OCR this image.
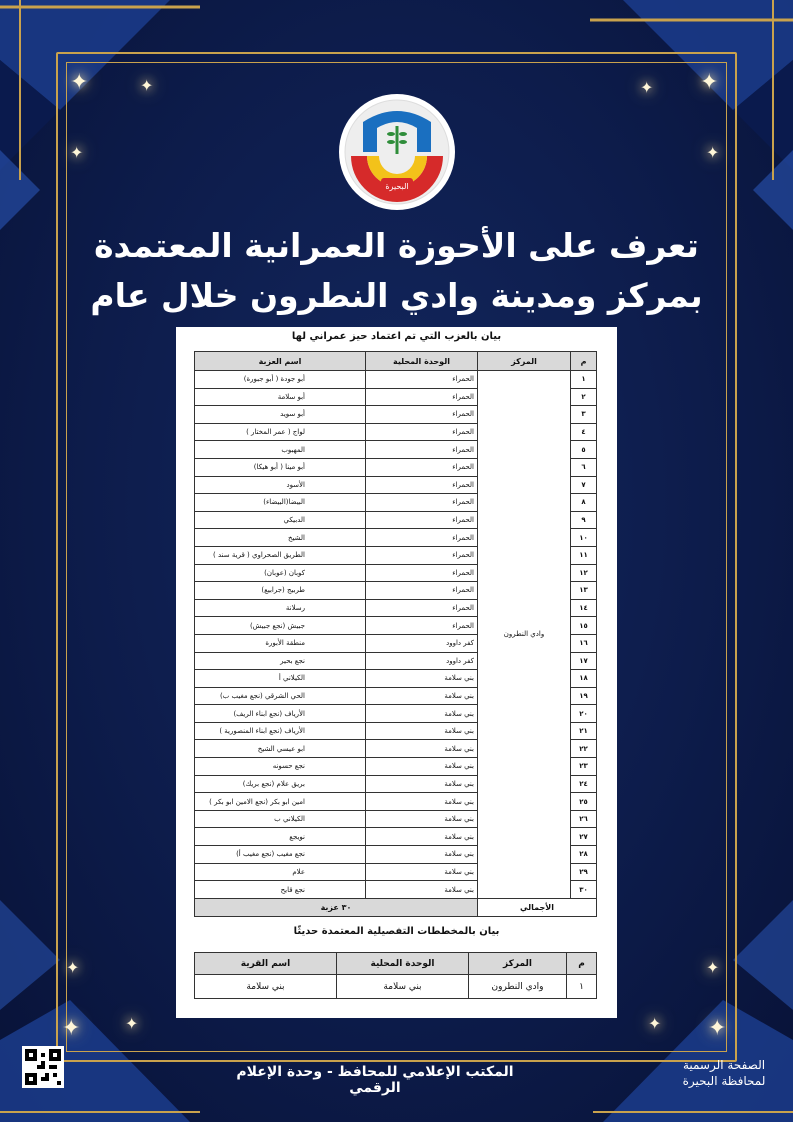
✦	✦
✦
✦
✦
✦
✦
✦	✦
✦
✦
✦
البحيرة
تعرف على الأحوزة العمرانية المعتمدة
بمركز ومدينة وادي النطرون خلال عام
بيان بالعزب التي تم اعتماد حيز عمراني لها
م	المركز	الوحدة المحلية	اسم العزبة
١	وادي النطرون	الحمراء	أبو جودة ( أبو جبورة)
٢		الحمراء	أبو سلامة
٣		الحمراء	أبو سويد
٤		الحمراء	لواج ( عمر المختار )
٥		الحمراء	المهبوب
٦		الحمراء	أبو مينا ( أبو هيكا)
٧		الحمراء	الأسود
٨		الحمراء	البيضا(البيضاء)
٩		الحمراء	الدبيكي
١٠		الحمراء	الشيخ
١١		الحمراء	الطريق الصحراوي ( قرية سند )
١٢		الحمراء	كوبان (عوبان)
١٣		الحمراء	طربيج (جرابيع)
١٤		الحمراء	رسلانة
١٥		الحمراء	جبيش (نجع جبيش)
١٦		كفر داوود	منطقة الأبورة
١٧		كفر داوود	نجع بحير
١٨		بني سلامة	الكيلاني أ
١٩		بني سلامة	الحي الشرقي (نجع مغيب ب)
٢٠		بني سلامة	الأرياف (نجع ابناء الريف)
٢١		بني سلامة	الأرياف (نجع ابناء المنصورية )
٢٢		بني سلامة	ابو عيسي الشيخ
٢٣		بني سلامة	نجع حسونه
٢٤		بني سلامة	بريق علام (نجع بريك)
٢٥		بني سلامة	امين ابو بكر (نجع الامين ابو بكر )
٢٦		بني سلامة	الكيلاني ب
٢٧		بني سلامة	نويجع
٢٨		بني سلامة	نجع مغيب (نجع مغيب أ)
٢٩		بني سلامة	علام
٣٠		بني سلامة	نجع قايح
الأجمالي		٣٠ عزبة	
بيان بالمخططات التفصيلية المعتمدة حديثًا
م	المركز	الوحدة المحلية	اسم القرية
١	وادي النطرون	بني سلامة	بني سلامة
المكتب الإعلامي للمحافظ - وحدة الإعلام الرقمي
الصفحة الرسمية
لمحافظة البحيرة
